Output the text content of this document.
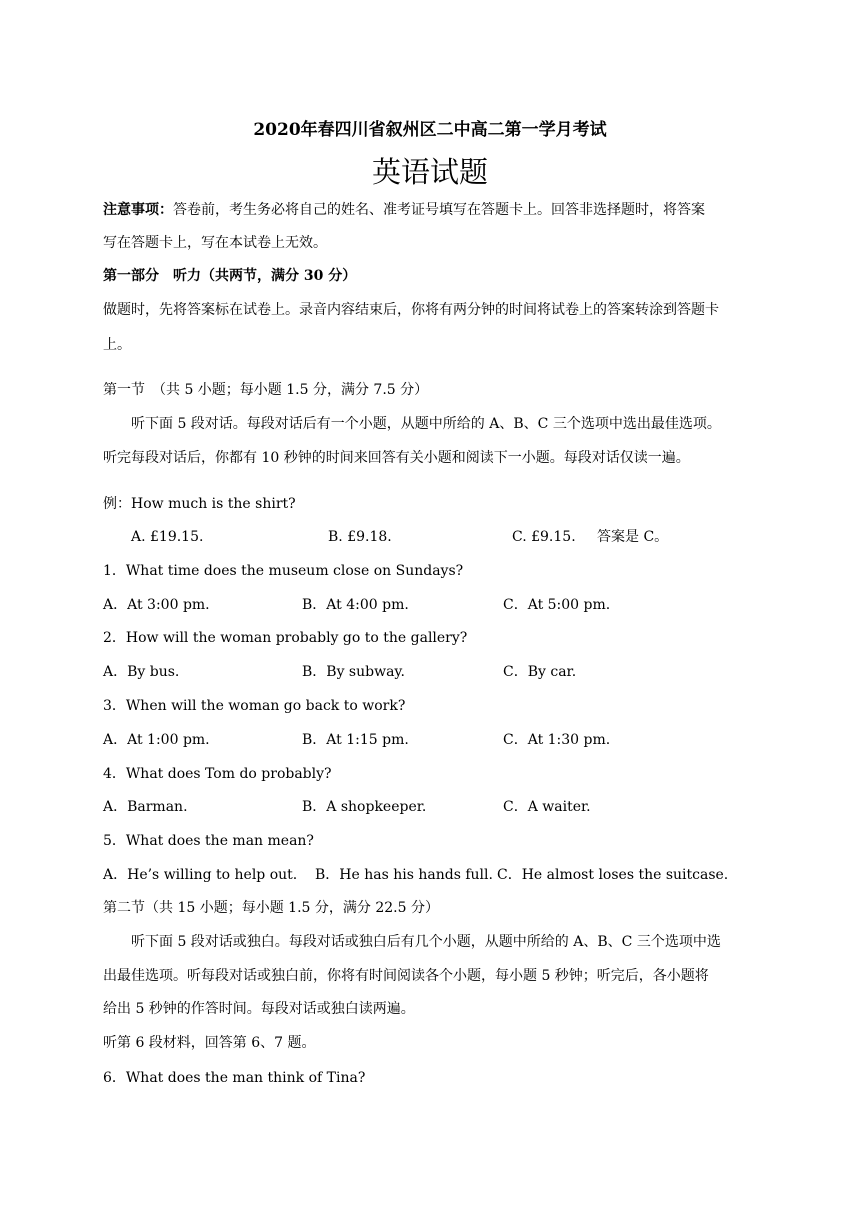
2020年春四川省叙州区二中高二第一学月考试
英语试题
注意事项：答卷前，考生务必将自己的姓名、准考证号填写在答题卡上。回答非选择题时，将答案
写在答题卡上，写在本试卷上无效。
第一部分　听力（共两节，满分 30 分）
做题时，先将答案标在试卷上。录音内容结束后，你将有两分钟的时间将试卷上的答案转涂到答题卡
上。
第一节　（共 5 小题；每小题 1.5 分，满分 7.5 分）
听下面 5 段对话。每段对话后有一个小题，从题中所给的 A、B、C 三个选项中选出最佳选项。
听完每段对话后，你都有 10 秒钟的时间来回答有关小题和阅读下一小题。每段对话仅读一遍。
例：How much is the shirt?
A. £19.15.	B. £9.18.	C. £9.15. 答案是 C。
1．What time does the museum close on Sundays?
A．At 3:00 pm.	B．At 4:00 pm.	C．At 5:00 pm.
2．How will the woman probably go to the gallery?
A．By bus.	B．By subway.	C．By car.
3．When will the woman go back to work?
A．At 1:00 pm.	B．At 1:15 pm.	C．At 1:30 pm.
4．What does Tom do probably?
A．Barman.	B．A shopkeeper.	C．A waiter.
5．What does the man mean?
A．He’s willing to help out. B．He has his hands full. C．He almost loses the suitcase.
第二节（共 15 小题；每小题 1.5 分，满分 22.5 分）
听下面 5 段对话或独白。每段对话或独白后有几个小题，从题中所给的 A、B、C 三个选项中选
出最佳选项。听每段对话或独白前，你将有时间阅读各个小题，每小题 5 秒钟；听完后，各小题将
给出 5 秒钟的作答时间。每段对话或独白读两遍。
听第 6 段材料，回答第 6、7 题。
6．What does the man think of Tina?
